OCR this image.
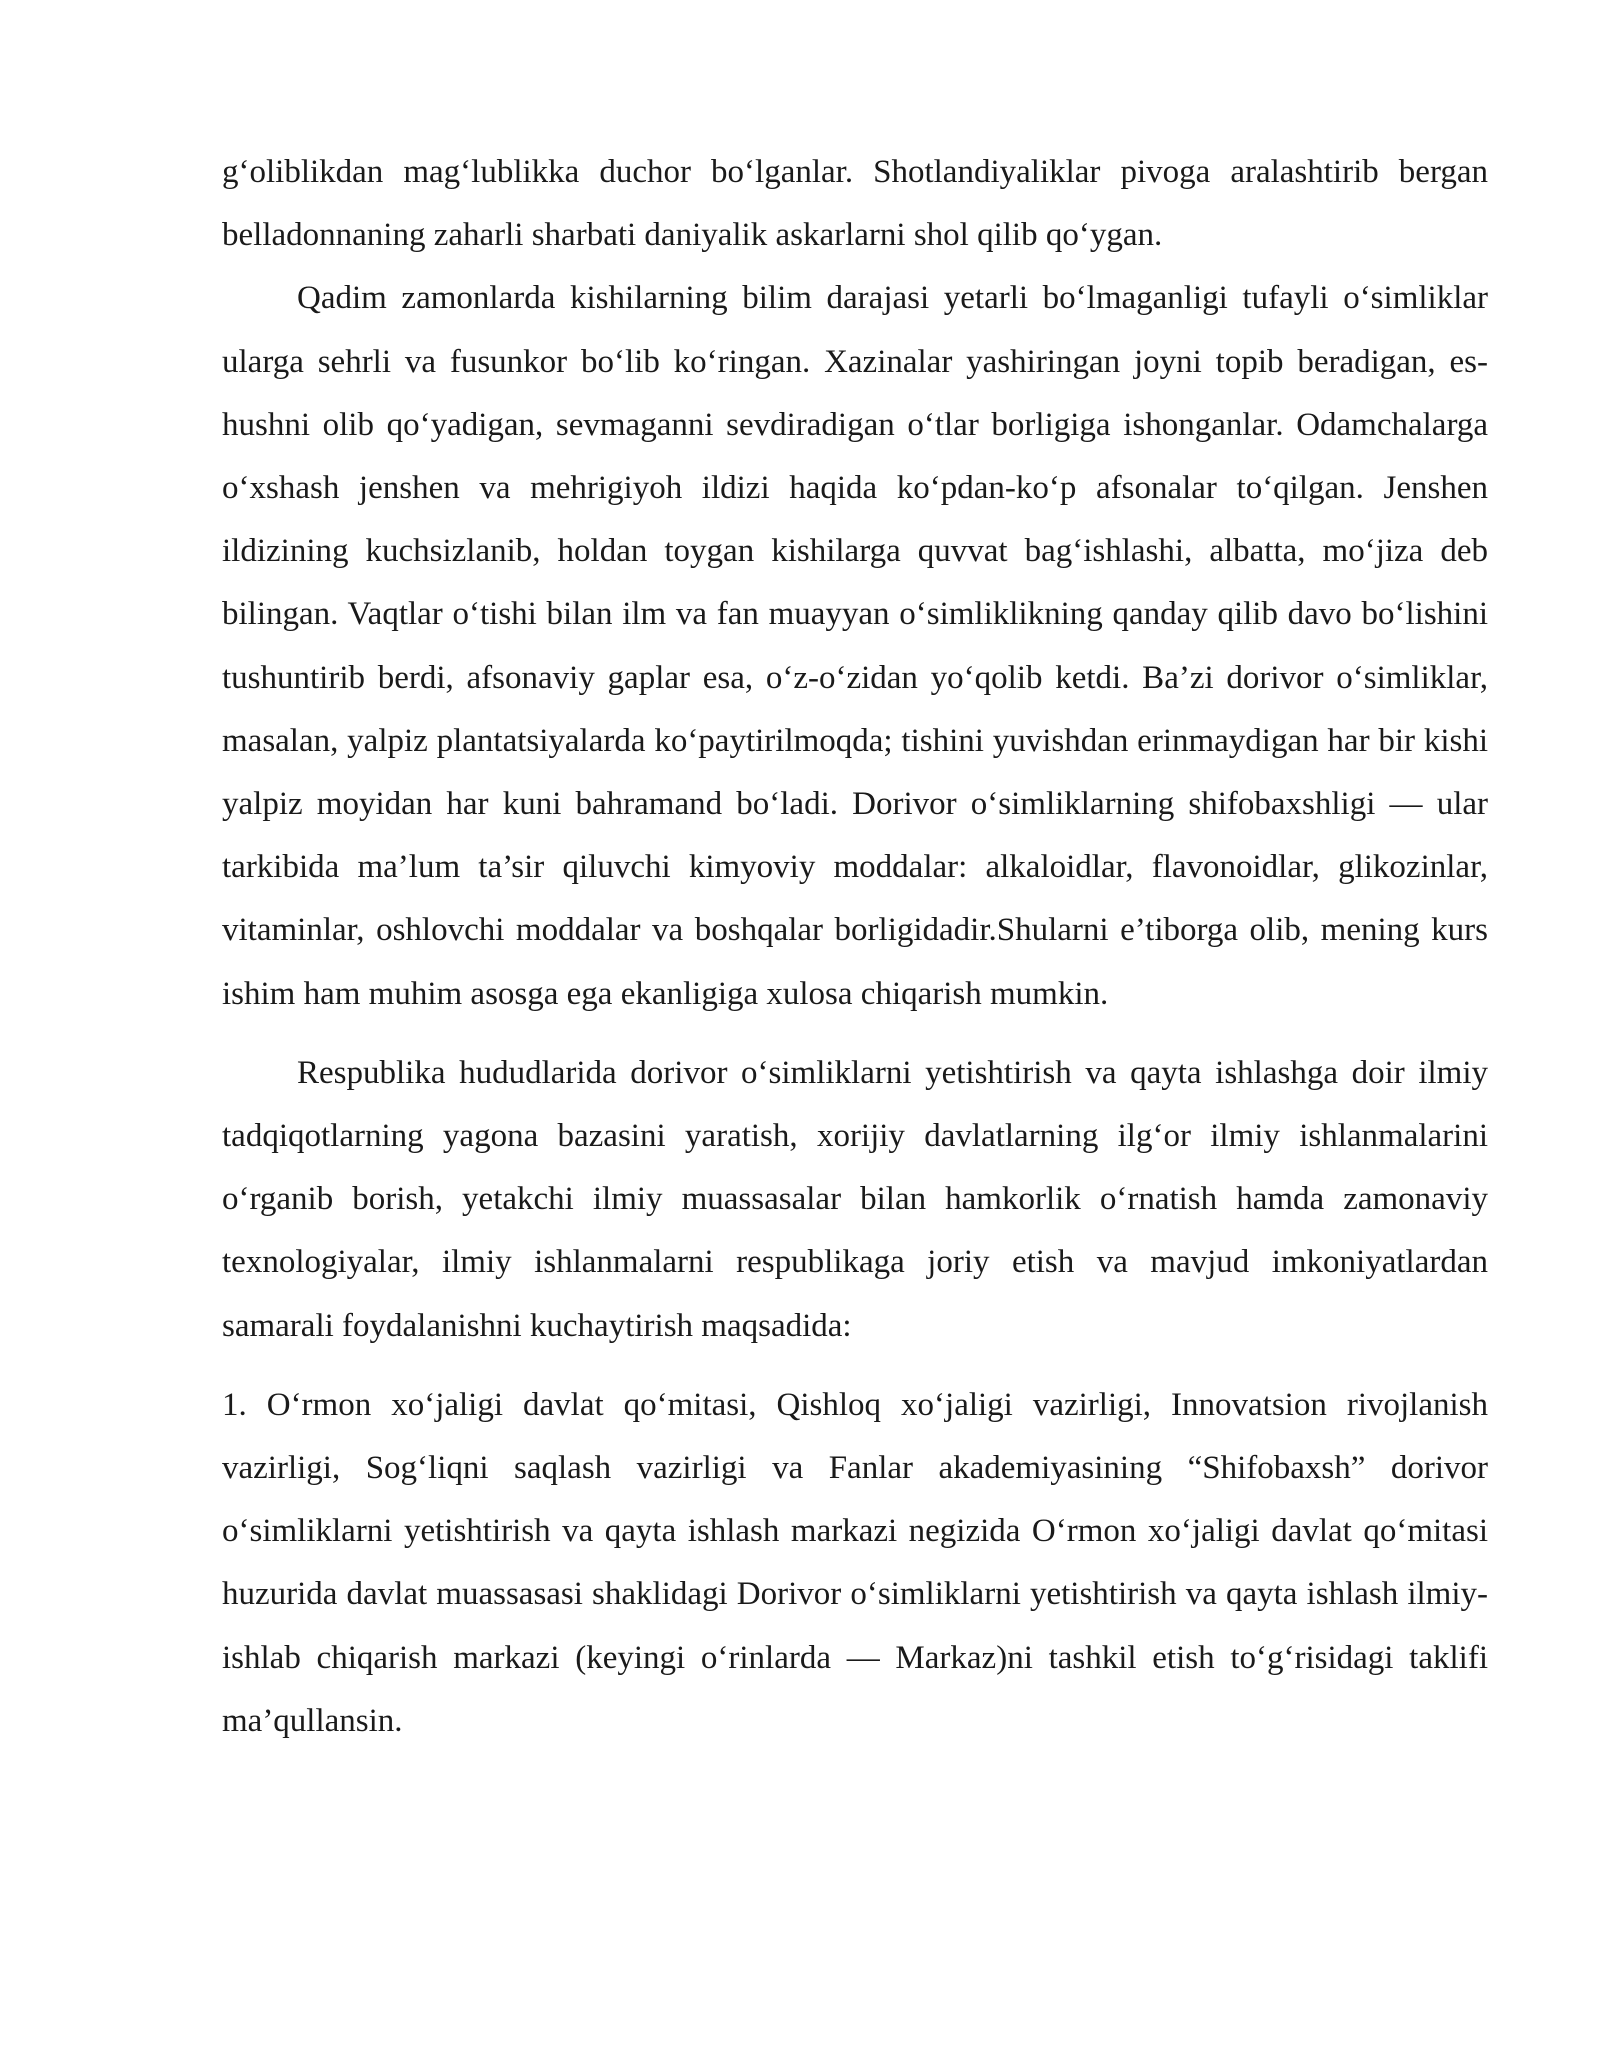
g‘oliblikdan mag‘lublikka duchor bo‘lganlar. Shotlandiyaliklar pivoga aralashtirib bergan belladonnaning zaharli sharbati daniyalik askarlarni shol qilib qo‘ygan.

Qadim zamonlarda kishilarning bilim darajasi yetarli bo‘lmaganligi tufayli o‘simliklar ularga sehrli va fusunkor bo‘lib ko‘ringan. Xazinalar yashiringan joyni topib beradigan, es-hushni olib qo‘yadigan, sevmaganni sevdiradigan o‘tlar borligiga ishonganlar. Odamchalarga o‘xshash jenshen va mehrigiyoh ildizi haqida ko‘pdan-ko‘p afsonalar to‘qilgan. Jenshen ildizining kuchsizlanib, holdan toygan kishilarga quvvat bag‘ishlashi, albatta, mo‘jiza deb bilingan. Vaqtlar o‘tishi bilan ilm va fan muayyan o‘simliklikning qanday qilib davo bo‘lishini tushuntirib berdi, afsonaviy gaplar esa, o‘z-o‘zidan yo‘qolib ketdi. Ba’zi dorivor o‘simliklar, masalan, yalpiz plantatsiyalarda ko‘paytirilmoqda; tishini yuvishdan erinmaydigan har bir kishi yalpiz moyidan har kuni bahramand bo‘ladi. Dorivor o‘simliklarning shifobaxshligi — ular tarkibida ma’lum ta’sir qiluvchi kimyoviy moddalar: alkaloidlar, flavonoidlar, glikozinlar, vitaminlar, oshlovchi moddalar va boshqalar borligidadir.Shularni e’tiborga olib, mening kurs ishim ham muhim asosga ega ekanligiga xulosa chiqarish mumkin.

Respublika hududlarida dorivor o‘simliklarni yetishtirish va qayta ishlashga doir ilmiy tadqiqotlarning yagona bazasini yaratish, xorijiy davlatlarning ilg‘or ilmiy ishlanmalarini o‘rganib borish, yetakchi ilmiy muassasalar bilan hamkorlik o‘rnatish hamda zamonaviy texnologiyalar, ilmiy ishlanmalarni respublikaga joriy etish va mavjud imkoniyatlardan samarali foydalanishni kuchaytirish maqsadida:

1. O‘rmon xo‘jaligi davlat qo‘mitasi, Qishloq xo‘jaligi vazirligi, Innovatsion rivojlanish vazirligi, Sog‘liqni saqlash vazirligi va Fanlar akademiyasining “Shifobaxsh” dorivor o‘simliklarni yetishtirish va qayta ishlash markazi negizida O‘rmon xo‘jaligi davlat qo‘mitasi huzurida davlat muassasasi shaklidagi Dorivor o‘simliklarni yetishtirish va qayta ishlash ilmiy-ishlab chiqarish markazi (keyingi o‘rinlarda — Markaz)ni tashkil etish to‘g‘risidagi taklifi ma’qullansin.
